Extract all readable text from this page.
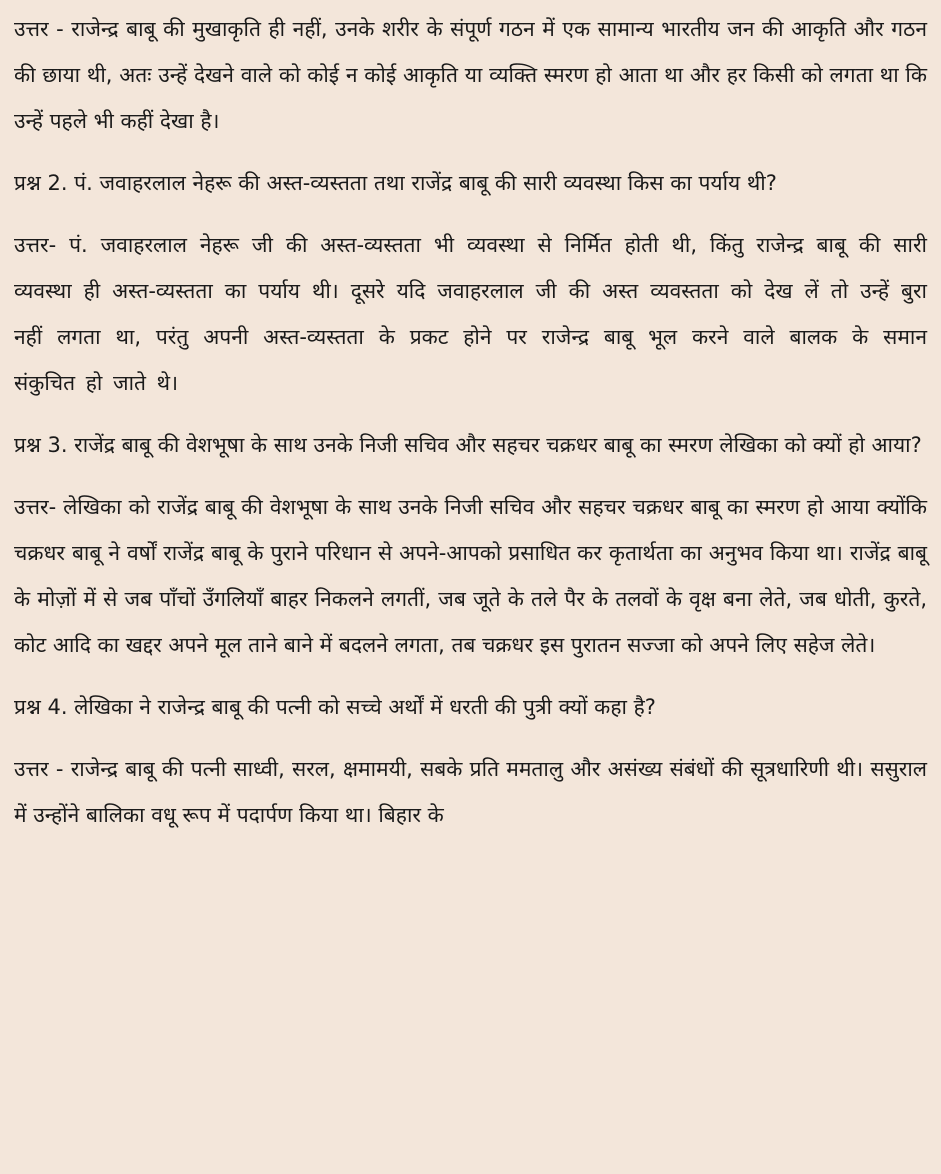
उत्तर - राजेन्द्र बाबू की मुखाकृति ही नहीं, उनके शरीर के संपूर्ण गठन में एक सामान्य भारतीय जन की आकृति और गठन की छाया थी, अतः उन्हें देखने वाले को कोई न कोई आकृति या व्यक्ति स्मरण हो आता था और हर किसी को लगता था कि उन्हें पहले भी कहीं देखा है।

प्रश्न 2. पं. जवाहरलाल नेहरू की अस्त-व्यस्तता तथा राजेंद्र बाबू की सारी व्यवस्था किस का पर्याय थी?

उत्तर- पं. जवाहरलाल नेहरू जी की अस्त-व्यस्तता भी व्यवस्था से निर्मित होती थी, किंतु राजेन्द्र बाबू की सारी व्यवस्था ही अस्त-व्यस्तता का पर्याय थी। दूसरे यदि जवाहरलाल जी की अस्त व्यवस्तता को देख लें तो उन्हें बुरा नहीं लगता था, परंतु अपनी अस्त-व्यस्तता के प्रकट होने पर राजेन्द्र बाबू भूल करने वाले बालक के समान संकुचित हो जाते थे।

प्रश्न 3. राजेंद्र बाबू की वेशभूषा के साथ उनके निजी सचिव और सहचर चक्रधर बाबू का स्मरण लेखिका को क्यों हो आया?

उत्तर- लेखिका को राजेंद्र बाबू की वेशभूषा के साथ उनके निजी सचिव और सहचर चक्रधर बाबू का स्मरण हो आया क्योंकि चक्रधर बाबू ने वर्षों राजेंद्र बाबू के पुराने परिधान से अपने-आपको प्रसाधित कर कृतार्थता का अनुभव किया था। राजेंद्र बाबू के मोज़ों में से जब पाँचों उँगलियाँ बाहर निकलने लगतीं, जब जूते के तले पैर के तलवों के वृक्ष बना लेते, जब धोती, कुरते, कोट आदि का खद्दर अपने मूल ताने बाने में बदलने लगता, तब चक्रधर इस पुरातन सज्जा को अपने लिए सहेज लेते।

प्रश्न 4. लेखिका ने राजेन्द्र बाबू की पत्नी को सच्चे अर्थों में धरती की पुत्री क्यों कहा है?

उत्तर - राजेन्द्र बाबू की पत्नी साध्वी, सरल, क्षमामयी, सबके प्रति ममतालु और असंख्य संबंधों की सूत्रधारिणी थी। ससुराल में उन्होंने बालिका वधू रूप में पदार्पण किया था। बिहार के
